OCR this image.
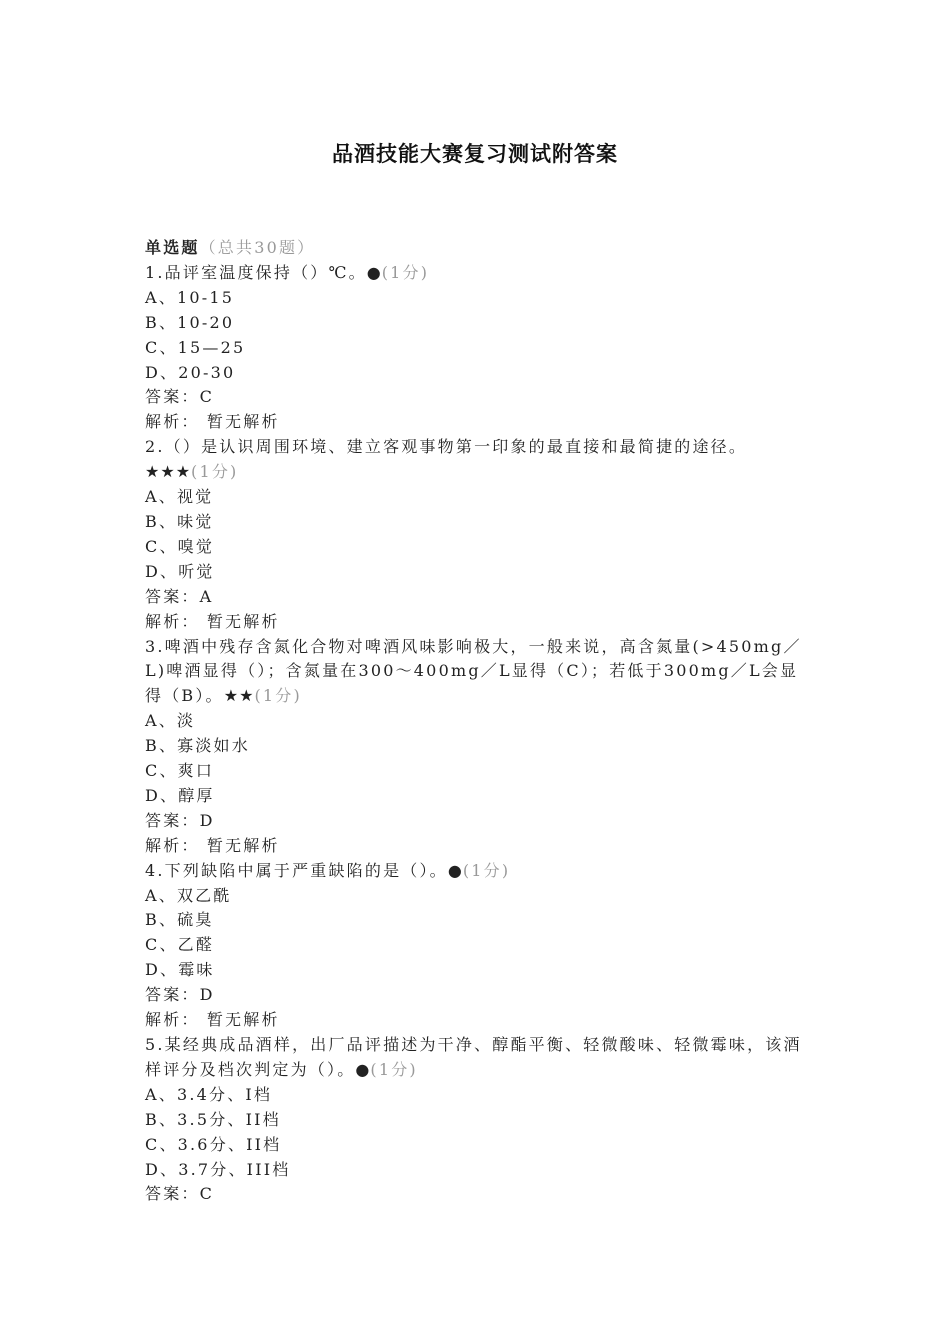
品酒技能大赛复习测试附答案
单选题（总共30题）
1.品评室温度保持（）℃。●(1分)
A、10-15
B、10-20
C、15—25
D、20-30
答案：C
解析： 暂无解析
2.（）是认识周围环境、建立客观事物第一印象的最直接和最简捷的途径。★★★(1分)
A、视觉
B、味觉
C、嗅觉
D、听觉
答案：A
解析： 暂无解析
3.啤酒中残存含氮化合物对啤酒风味影响极大，一般来说，高含氮量(>450mg／L)啤酒显得（）；含氮量在300～400mg／L显得（C）；若低于300mg／L会显得（B）。★★(1分)
A、淡
B、寡淡如水
C、爽口
D、醇厚
答案：D
解析： 暂无解析
4.下列缺陷中属于严重缺陷的是（）。●(1分)
A、双乙酰
B、硫臭
C、乙醛
D、霉味
答案：D
解析： 暂无解析
5.某经典成品酒样，出厂品评描述为干净、醇酯平衡、轻微酸味、轻微霉味，该酒样评分及档次判定为（）。●(1分)
A、3.4分、I档
B、3.5分、II档
C、3.6分、II档
D、3.7分、III档
答案：C
